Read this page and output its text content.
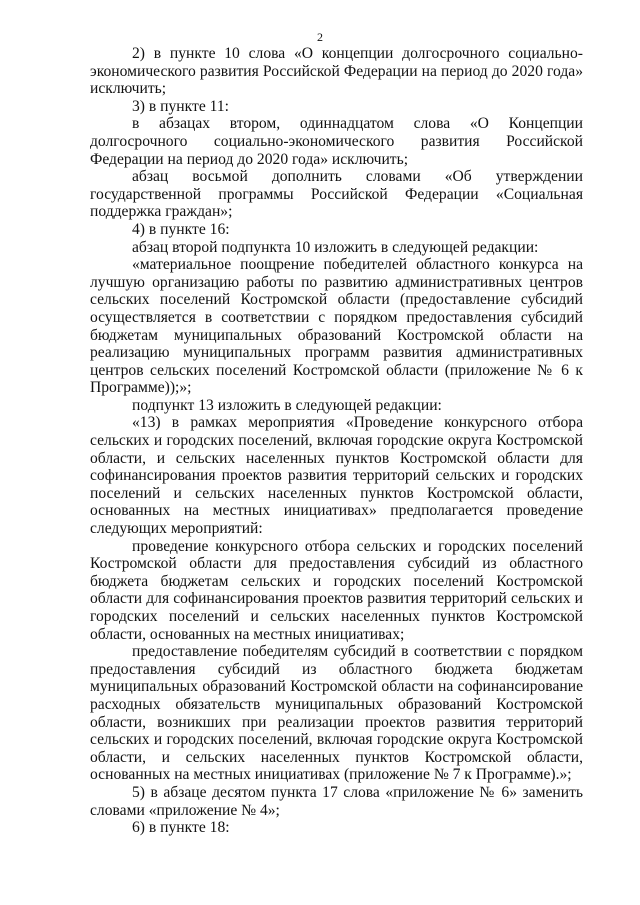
2

2) в пункте 10 слова «О концепции долгосрочного социально-экономического развития Российской Федерации на период до 2020 года» исключить;

3) в пункте 11:

в абзацах втором, одиннадцатом слова «О Концепции долгосрочного социально-экономического развития Российской Федерации на период до 2020 года» исключить;

абзац восьмой дополнить словами «Об утверждении государственной программы Российской Федерации «Социальная поддержка граждан»;

4) в пункте 16:

абзац второй подпункта 10 изложить в следующей редакции:

«материальное поощрение победителей областного конкурса на лучшую организацию работы по развитию административных центров сельских поселений Костромской области (предоставление субсидий осуществляется в соответствии с порядком предоставления субсидий бюджетам муниципальных образований Костромской области на реализацию муниципальных программ развития административных центров сельских поселений Костромской области (приложение № 6 к Программе));»;

подпункт 13 изложить в следующей редакции:

«13) в рамках мероприятия «Проведение конкурсного отбора сельских и городских поселений, включая городские округа Костромской области, и сельских населенных пунктов Костромской области для софинансирования проектов развития территорий сельских и городских поселений и сельских населенных пунктов Костромской области, основанных на местных инициативах» предполагается проведение следующих мероприятий:

проведение конкурсного отбора сельских и городских поселений Костромской области для предоставления субсидий из областного бюджета бюджетам сельских и городских поселений Костромской области для софинансирования проектов развития территорий сельских и городских поселений и сельских населенных пунктов Костромской области, основанных на местных инициативах;

предоставление победителям субсидий в соответствии с порядком предоставления субсидий из областного бюджета бюджетам муниципальных образований Костромской области на софинансирование расходных обязательств муниципальных образований Костромской области, возникших при реализации проектов развития территорий сельских и городских поселений, включая городские округа Костромской области, и сельских населенных пунктов Костромской области, основанных на местных инициативах (приложение № 7 к Программе).»;

5) в абзаце десятом пункта 17 слова «приложение № 6» заменить словами «приложение № 4»;

6) в пункте 18:
